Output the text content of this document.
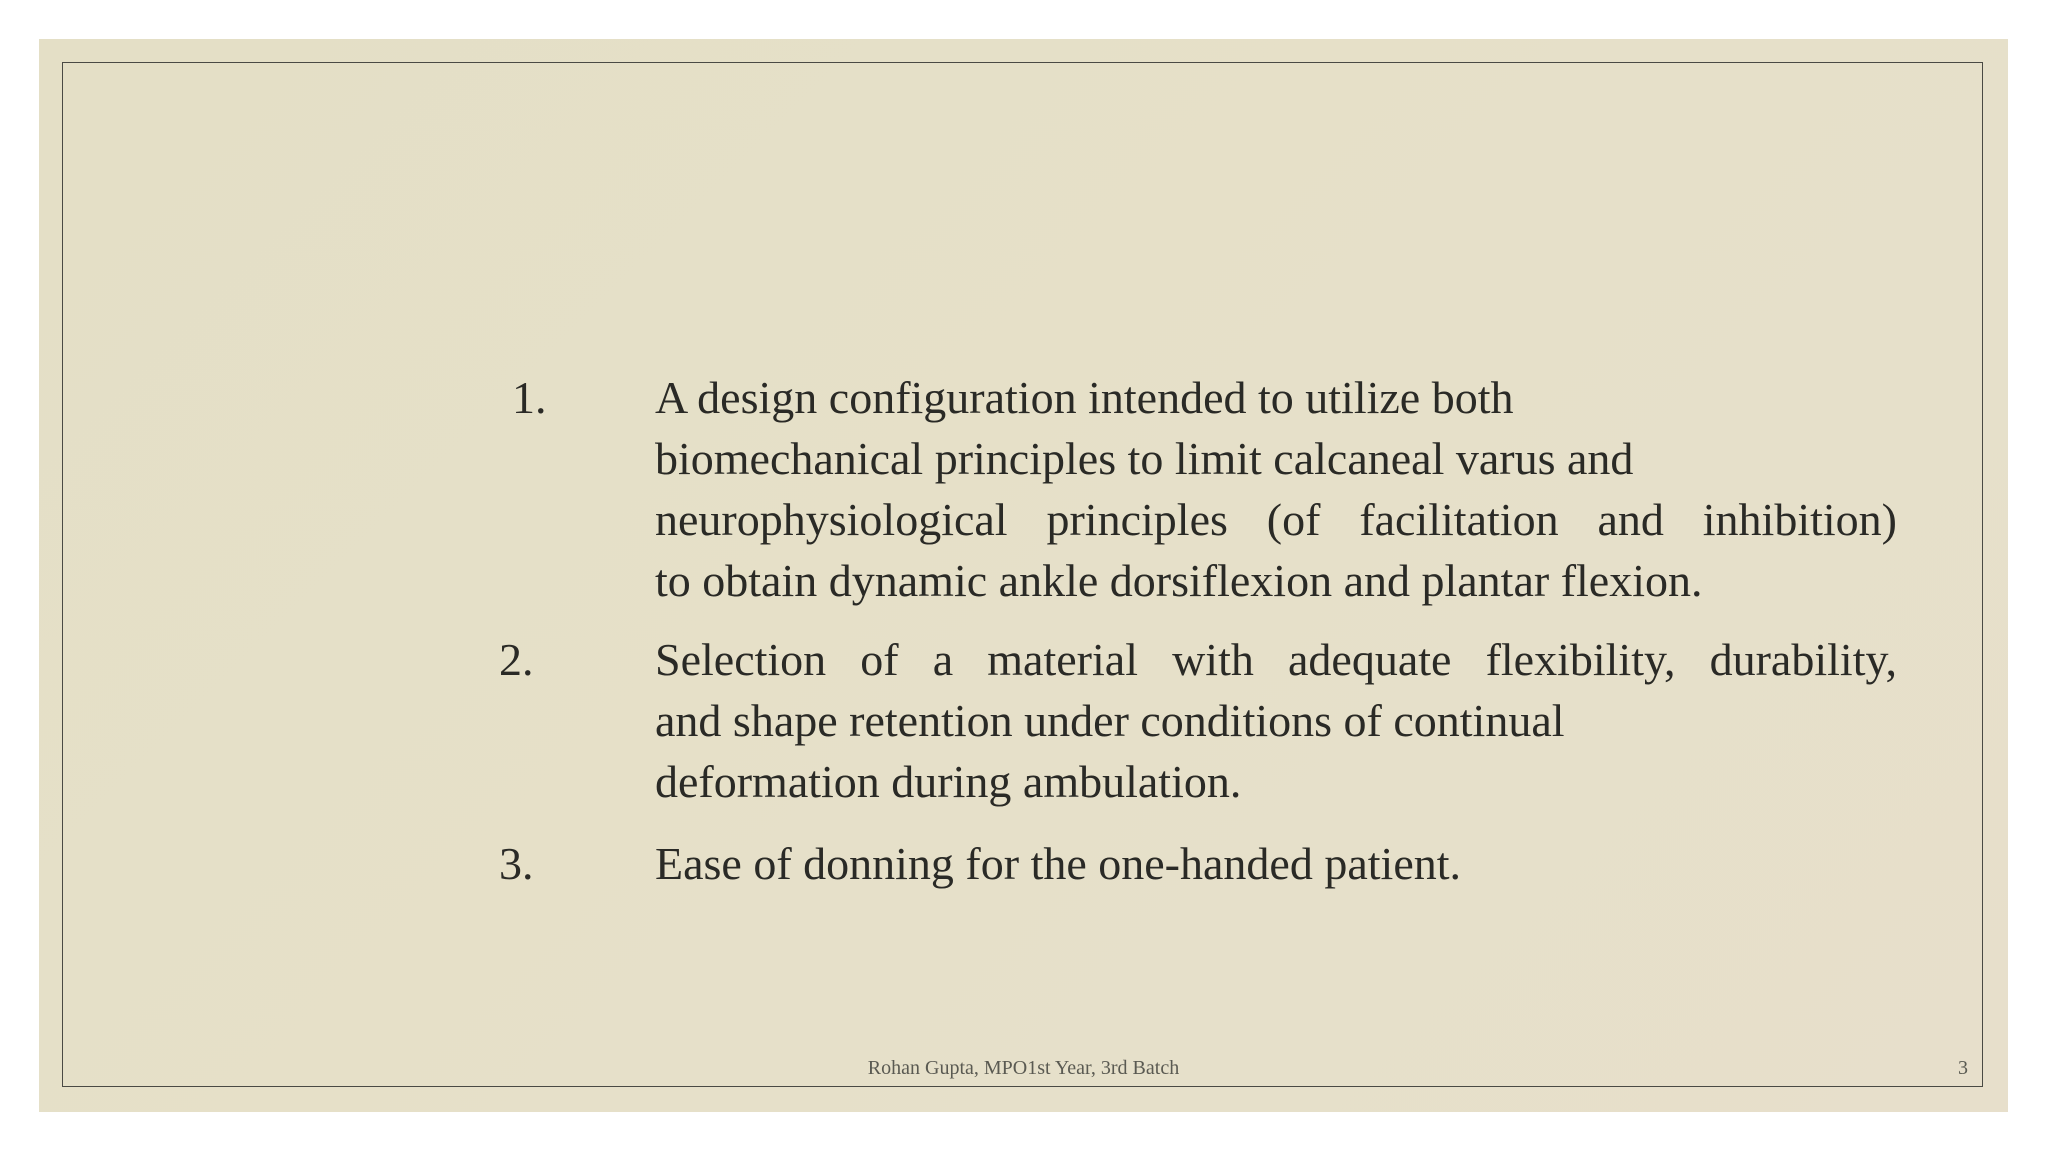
1.	A design configuration intended to utilize both
biomechanical principles to limit calcaneal varus and
neurophysiological principles (of facilitation and inhibition)
to obtain dynamic ankle dorsiflexion and plantar flexion.
2.	Selection of a material with adequate flexibility, durability,
and shape retention under conditions of continual
deformation during ambulation.
3.	Ease of donning for the one-handed patient.
Rohan Gupta, MPO1st Year, 3rd Batch	3
